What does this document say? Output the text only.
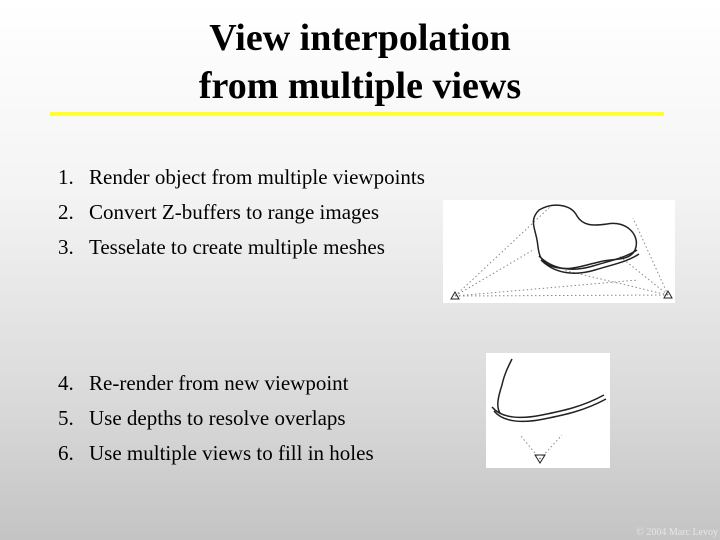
View interpolation
from multiple views
1. Render object from multiple viewpoints
2. Convert Z-buffers to range images
3. Tesselate to create multiple meshes
4. Re-render from new viewpoint
5. Use depths to resolve overlaps
6. Use multiple views to fill in holes
© 2004 Marc Levoy
